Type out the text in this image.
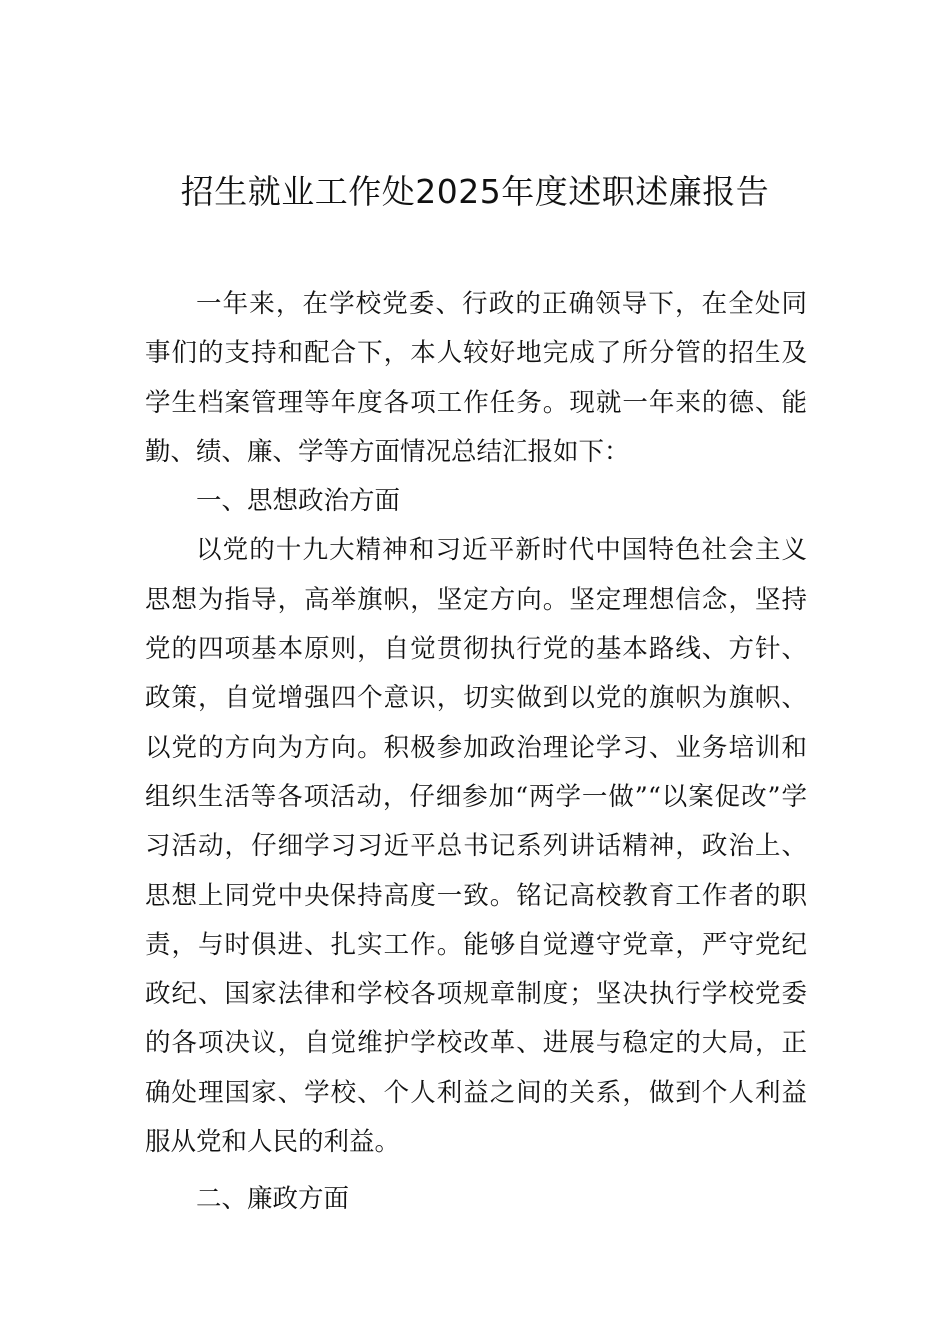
招生就业工作处2025年度述职述廉报告

一年来，在学校党委、行政的正确领导下，在全处同事们的支持和配合下，本人较好地完成了所分管的招生及学生档案管理等年度各项工作任务。现就一年来的德、能勤、绩、廉、学等方面情况总结汇报如下：

一、思想政治方面

以党的十九大精神和习近平新时代中国特色社会主义思想为指导，高举旗帜，坚定方向。坚定理想信念，坚持党的四项基本原则，自觉贯彻执行党的基本路线、方针、政策，自觉增强四个意识，切实做到以党的旗帜为旗帜、以党的方向为方向。积极参加政治理论学习、业务培训和组织生活等各项活动，仔细参加“两学一做”“以案促改”学习活动，仔细学习习近平总书记系列讲话精神，政治上、思想上同党中央保持高度一致。铭记高校教育工作者的职责，与时俱进、扎实工作。能够自觉遵守党章，严守党纪政纪、国家法律和学校各项规章制度；坚决执行学校党委的各项决议，自觉维护学校改革、进展与稳定的大局，正确处理国家、学校、个人利益之间的关系，做到个人利益服从党和人民的利益。

二、廉政方面
